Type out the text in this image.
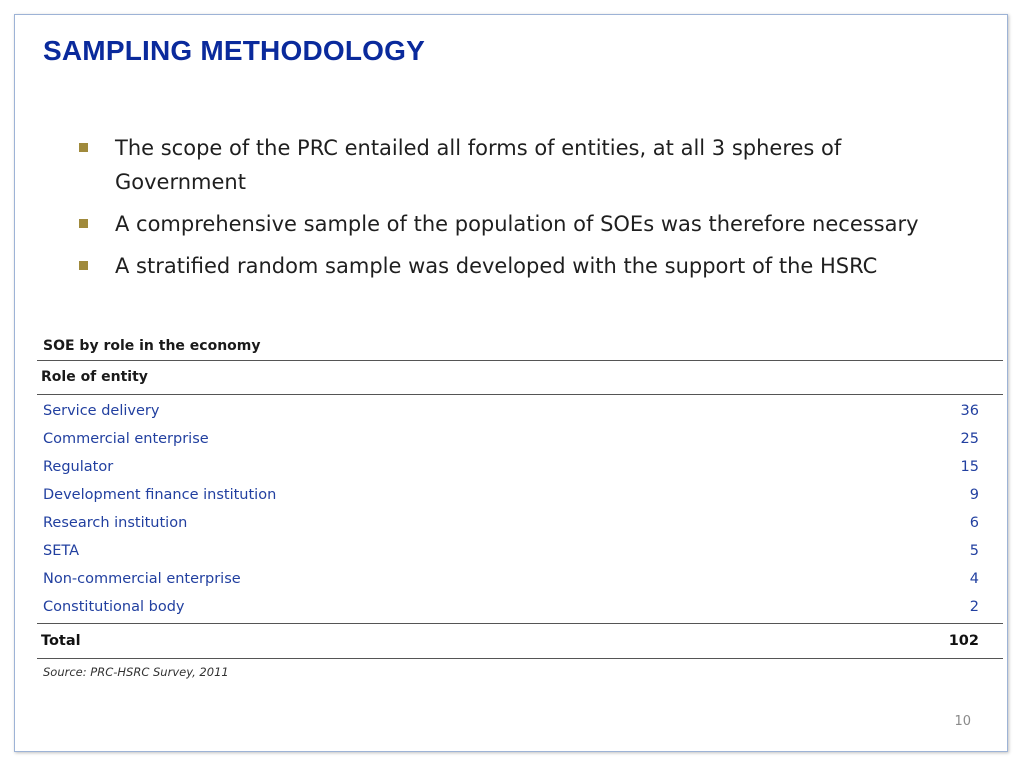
SAMPLING METHODOLOGY
The scope of the PRC entailed all forms of entities, at all 3 spheres of Government
A comprehensive sample of the population of SOEs was therefore necessary
A stratified random sample was developed with the support of the HSRC
SOE by role in the economy
Role of entity
Service delivery	36
Commercial enterprise	25
Regulator	15
Development finance institution	9
Research institution	6
SETA	5
Non-commercial enterprise	4
Constitutional body	2
Total	102
Source: PRC-HSRC Survey, 2011
10
